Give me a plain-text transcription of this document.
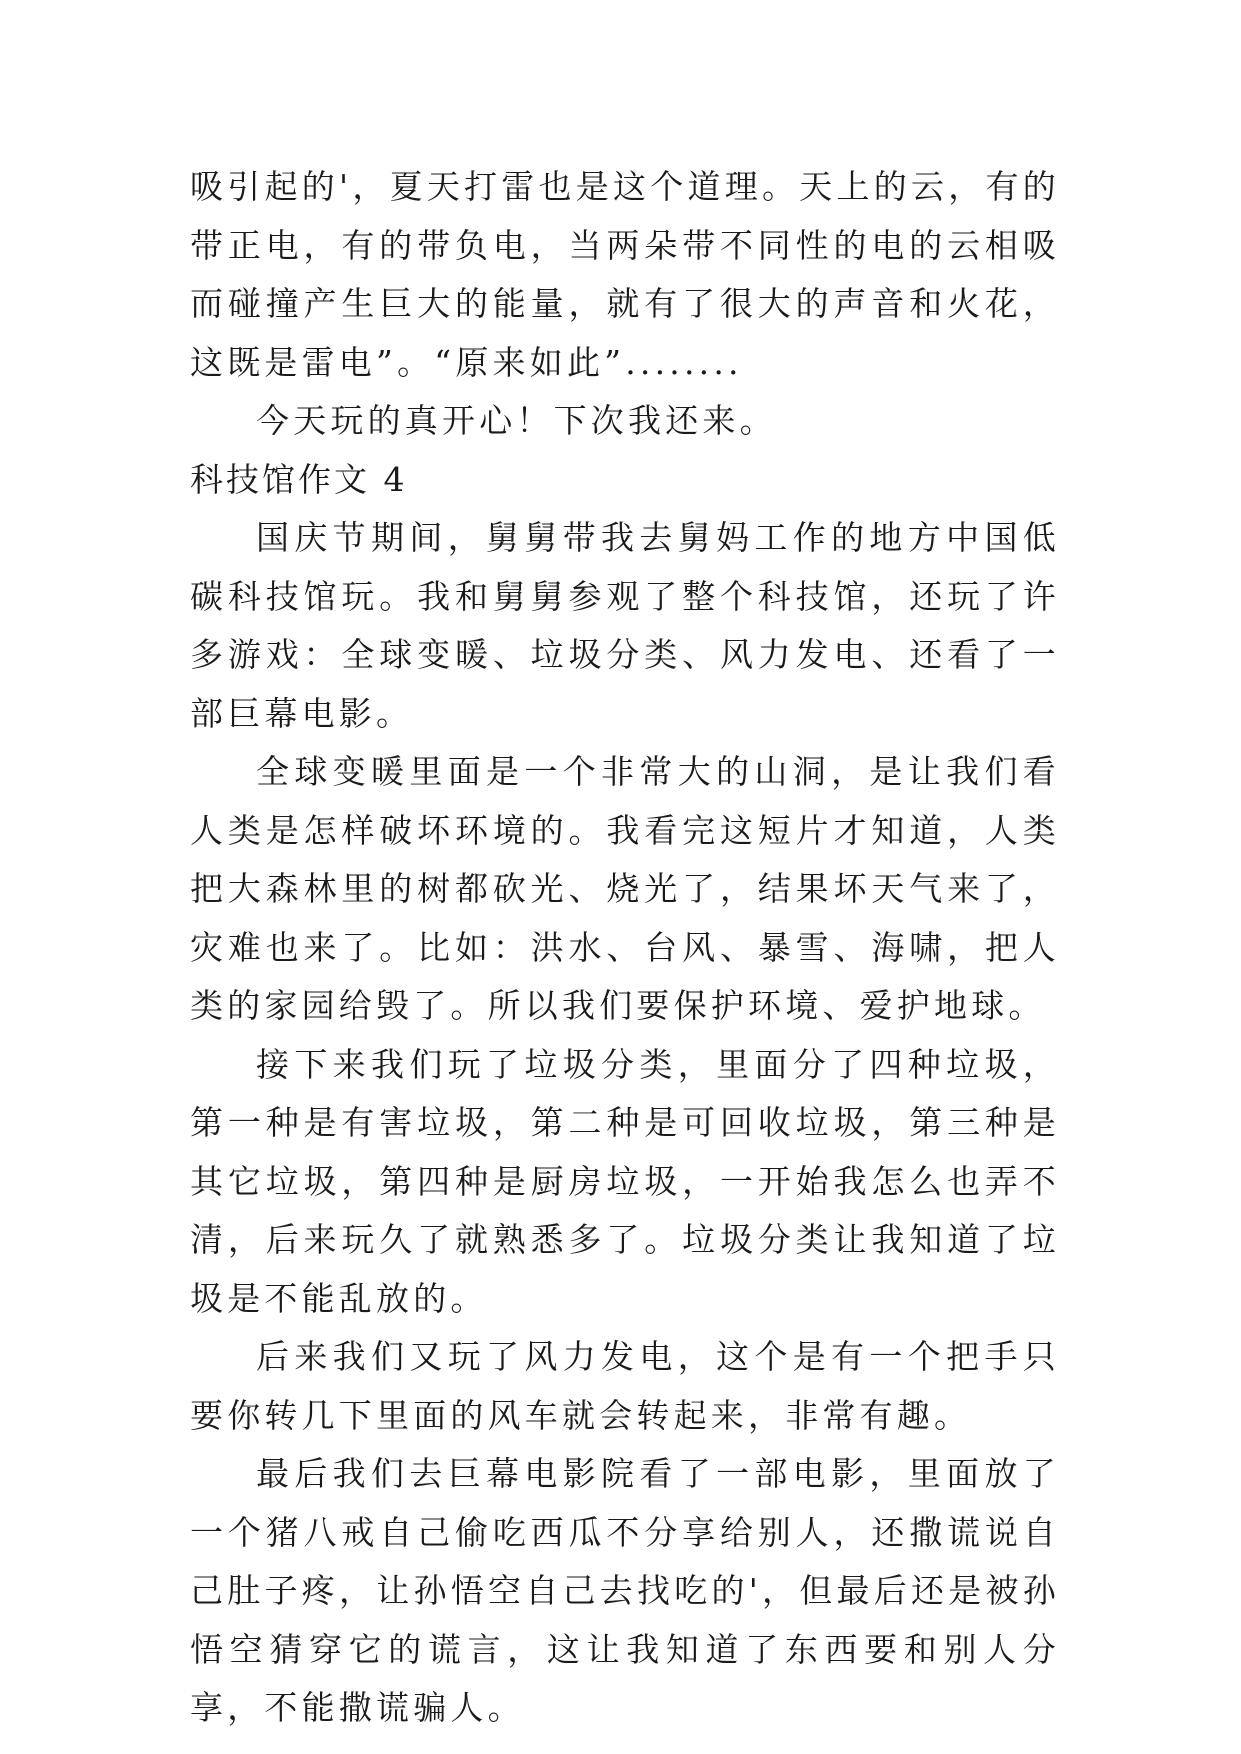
吸引起的'，夏天打雷也是这个道理。天上的云，有的带正电，有的带负电，当两朵带不同性的电的云相吸而碰撞产生巨大的能量，就有了很大的声音和火花，这既是雷电”。“原来如此”........

今天玩的真开心！下次我还来。

科技馆作文 4

国庆节期间，舅舅带我去舅妈工作的地方中国低碳科技馆玩。我和舅舅参观了整个科技馆，还玩了许多游戏：全球变暖、垃圾分类、风力发电、还看了一部巨幕电影。

全球变暖里面是一个非常大的山洞，是让我们看人类是怎样破坏环境的。我看完这短片才知道，人类把大森林里的树都砍光、烧光了，结果坏天气来了，灾难也来了。比如：洪水、台风、暴雪、海啸，把人类的家园给毁了。所以我们要保护环境、爱护地球。

接下来我们玩了垃圾分类，里面分了四种垃圾，第一种是有害垃圾，第二种是可回收垃圾，第三种是其它垃圾，第四种是厨房垃圾，一开始我怎么也弄不清，后来玩久了就熟悉多了。垃圾分类让我知道了垃圾是不能乱放的。

后来我们又玩了风力发电，这个是有一个把手只要你转几下里面的风车就会转起来，非常有趣。

最后我们去巨幕电影院看了一部电影，里面放了一个猪八戒自己偷吃西瓜不分享给别人，还撒谎说自己肚子疼，让孙悟空自己去找吃的'，但最后还是被孙悟空猜穿它的谎言，这让我知道了东西要和别人分享，不能撒谎骗人。
